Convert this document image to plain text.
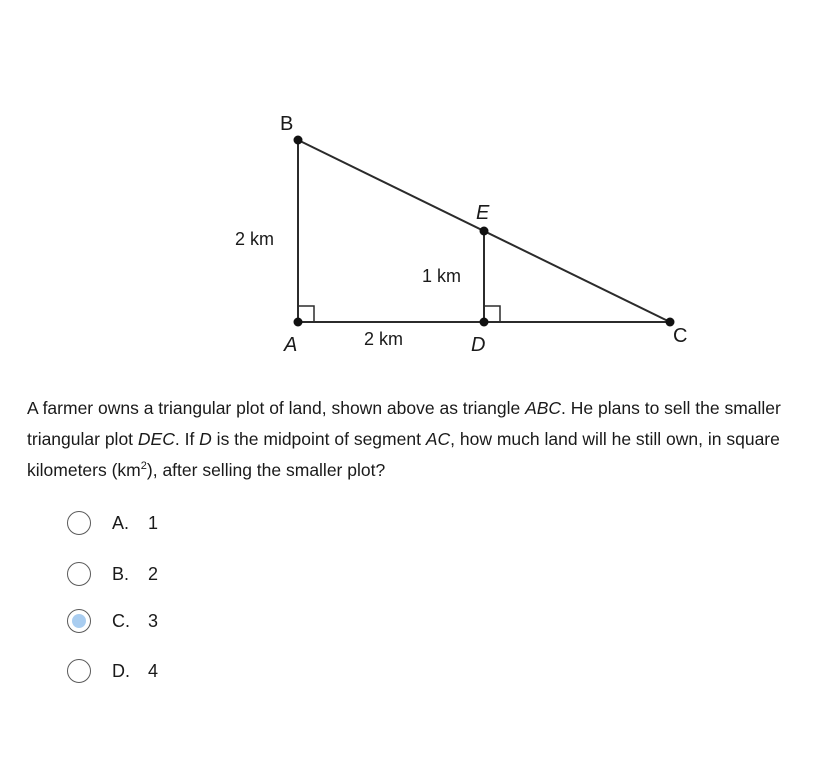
B
E
A	D	C
2 km
1 km
2 km

A farmer owns a triangular plot of land, shown above as triangle ABC. He plans to sell the smaller triangular plot DEC. If D is the midpoint of segment AC, how much land will he still own, in square kilometers $(km^2)$, after selling the smaller plot?

A.	1
B.	2
C.	3
D.	4
